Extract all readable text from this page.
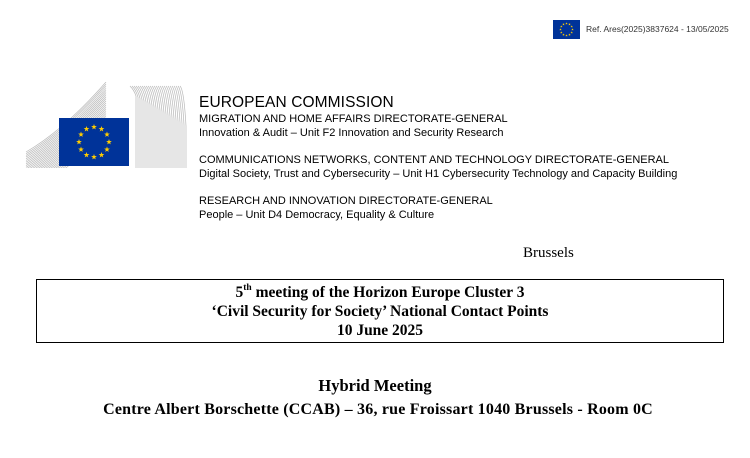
Ref. Ares(2025)3837624 - 13/05/2025
EUROPEAN COMMISSION
MIGRATION AND HOME AFFAIRS DIRECTORATE-GENERAL
Innovation & Audit – Unit F2 Innovation and Security Research
COMMUNICATIONS NETWORKS, CONTENT AND TECHNOLOGY DIRECTORATE-GENERAL
Digital Society, Trust and Cybersecurity – Unit H1 Cybersecurity Technology and Capacity Building
RESEARCH AND INNOVATION DIRECTORATE-GENERAL
People – Unit D4 Democracy, Equality & Culture
Brussels
5th meeting of the Horizon Europe Cluster 3
‘Civil Security for Society’ National Contact Points
10 June 2025
Hybrid Meeting
Centre Albert Borschette (CCAB) – 36, rue Froissart 1040 Brussels - Room 0C
